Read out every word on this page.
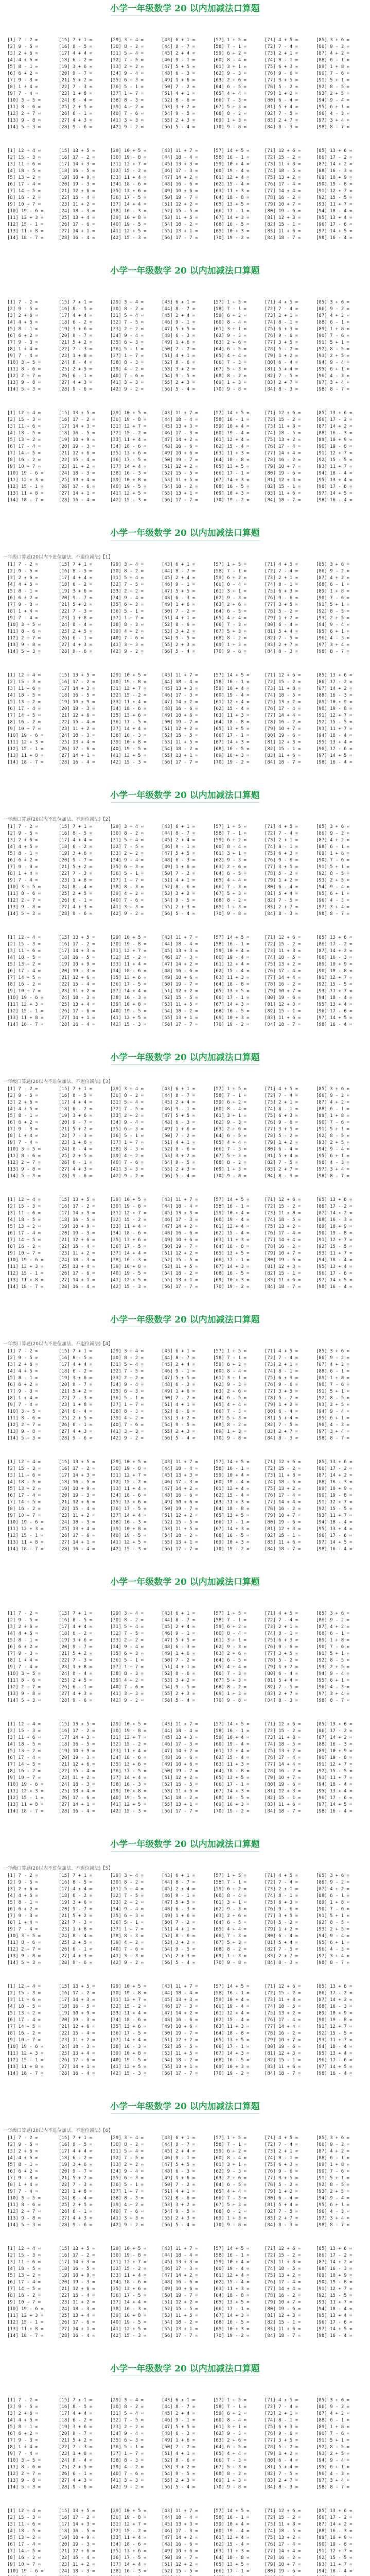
小学一年级数学 20 以内加减法口算题
[1] 7 - 2 =
[2] 9 - 5 =
[3] 2 + 6 =
[4] 4 + 5 =
[5] 8 - 1 =
[6] 6 + 2 =
[7] 9 - 3 =
[8] 1 + 4 =
[9] 7 - 4 =
[10] 3 + 5 =
[11] 8 - 6 =
[12] 2 + 7 =
[13] 9 - 8 =
[14] 5 + 3 =
[15] 7 + 1 =
[16] 8 - 5 =
[17] 4 + 4 =
[18] 6 - 2 =
[19] 3 + 6 =
[20] 9 - 7 =
[21] 5 + 2 =
[22] 7 - 3 =
[23] 1 + 8 =
[24] 8 - 4 =
[25] 2 + 5 =
[26] 6 - 1 =
[27] 4 + 3 =
[28] 9 - 6 =
[29] 3 + 4 =
[30] 8 - 2 =
[31] 5 + 4 =
[32] 7 - 5 =
[33] 2 + 2 =
[34] 9 - 4 =
[35] 6 + 3 =
[36] 5 - 1 =
[37] 1 + 7 =
[38] 8 - 3 =
[39] 4 + 2 =
[40] 7 - 6 =
[41] 3 + 3 =
[42] 9 - 2 =
[43] 6 + 1 =
[44] 8 - 7 =
[45] 2 + 4 =
[46] 9 - 1 =
[47] 5 + 5 =
[48] 6 - 3 =
[49] 1 + 6 =
[50] 7 - 2 =
[51] 4 + 1 =
[52] 8 - 6 =
[53] 3 + 2 =
[54] 9 - 5 =
[55] 2 + 3 =
[56] 5 - 4 =
[57] 1 + 5 =
[58] 7 - 1 =
[59] 6 + 2 =
[60] 8 - 4 =
[61] 3 + 1 =
[62] 9 - 3 =
[63] 2 + 6 =
[64] 6 - 5 =
[65] 4 + 4 =
[66] 7 - 3 =
[67] 5 + 3 =
[68] 8 - 2 =
[69] 1 + 3 =
[70] 9 - 8 =
[71] 4 + 5 =
[72] 7 - 4 =
[73] 2 + 1 =
[74] 8 - 1 =
[75] 6 + 3 =
[76] 9 - 6 =
[77] 3 + 5 =
[78] 5 - 2 =
[79] 1 + 2 =
[80] 6 - 4 =
[81] 5 + 4 =
[82] 7 - 5 =
[83] 2 + 7 =
[84] 8 - 3 =
[85] 3 + 6 =
[86] 9 - 2 =
[87] 4 + 2 =
[88] 6 - 1 =
[89] 1 + 8 =
[90] 7 - 6 =
[91] 5 + 1 =
[92] 8 - 5 =
[93] 2 + 5 =
[94] 9 - 4 =
[95] 6 + 1 =
[96] 4 - 3 =
[97] 3 + 4 =
[98] 8 - 7 =
[1] 12 + 4 =
[2] 15 - 3 =
[3] 11 + 6 =
[4] 18 - 5 =
[5] 13 + 2 =
[6] 17 - 4 =
[7] 14 + 5 =
[8] 16 - 2 =
[9] 10 + 7 =
[10] 19 - 6 =
[11] 12 + 3 =
[12] 15 - 1 =
[13] 11 + 8 =
[14] 18 - 7 =
[15] 13 + 5 =
[16] 17 - 2 =
[17] 14 + 3 =
[18] 16 - 5 =
[19] 10 + 9 =
[20] 19 - 3 =
[21] 12 + 6 =
[22] 15 - 4 =
[23] 11 + 2 =
[24] 18 - 3 =
[25] 13 + 4 =
[26] 17 - 6 =
[27] 14 + 1 =
[28] 16 - 4 =
[29] 10 + 5 =
[30] 19 - 8 =
[31] 12 + 7 =
[32] 15 - 2 =
[33] 11 + 4 =
[34] 18 - 6 =
[35] 13 + 6 =
[36] 17 - 5 =
[37] 14 + 4 =
[38] 16 - 3 =
[39] 10 + 8 =
[40] 19 - 5 =
[41] 12 + 5 =
[42] 15 - 3 =
[43] 11 + 7 =
[44] 18 - 4 =
[45] 13 + 3 =
[46] 17 - 3 =
[47] 14 + 2 =
[48] 16 - 6 =
[49] 10 + 6 =
[50] 19 - 7 =
[51] 12 + 2 =
[52] 15 - 5 =
[53] 11 + 5 =
[54] 18 - 2 =
[55] 13 + 1 =
[56] 17 - 7 =
[57] 14 + 5 =
[58] 16 - 1 =
[59] 10 + 4 =
[60] 19 - 4 =
[61] 12 + 4 =
[62] 15 - 4 =
[63] 11 + 3 =
[64] 18 - 8 =
[65] 13 + 5 =
[66] 17 - 1 =
[67] 14 + 3 =
[68] 16 - 5 =
[69] 10 + 3 =
[70] 19 - 2 =
[71] 12 + 6 =
[72] 15 - 2 =
[73] 11 + 8 =
[74] 18 - 5 =
[75] 13 + 2 =
[76] 17 - 4 =
[77] 14 + 4 =
[78] 16 - 2 =
[79] 10 + 7 =
[80] 19 - 6 =
[81] 12 + 3 =
[82] 15 - 1 =
[83] 11 + 6 =
[84] 18 - 7 =
[85] 13 + 6 =
[86] 17 - 2 =
[87] 14 + 2 =
[88] 16 - 3 =
[89] 10 + 9 =
[90] 19 - 8 =
[91] 12 + 7 =
[92] 15 - 5 =
[93] 11 + 7 =
[94] 18 - 4 =
[95] 13 + 4 =
[96] 17 - 6 =
[97] 14 + 5 =
[98] 16 - 4 =
小学一年级数学 20 以内加减法口算题
[1] 7 - 2 =
[2] 9 - 5 =
[3] 2 + 6 =
[4] 4 + 5 =
[5] 8 - 1 =
[6] 6 + 2 =
[7] 9 - 3 =
[8] 1 + 4 =
[9] 7 - 4 =
[10] 3 + 5 =
[11] 8 - 6 =
[12] 2 + 7 =
[13] 9 - 8 =
[14] 5 + 3 =
[15] 7 + 1 =
[16] 8 - 5 =
[17] 4 + 4 =
[18] 6 - 2 =
[19] 3 + 6 =
[20] 9 - 7 =
[21] 5 + 2 =
[22] 7 - 3 =
[23] 1 + 8 =
[24] 8 - 4 =
[25] 2 + 5 =
[26] 6 - 1 =
[27] 4 + 3 =
[28] 9 - 6 =
[29] 3 + 4 =
[30] 8 - 2 =
[31] 5 + 4 =
[32] 7 - 5 =
[33] 2 + 2 =
[34] 9 - 4 =
[35] 6 + 3 =
[36] 5 - 1 =
[37] 1 + 7 =
[38] 8 - 3 =
[39] 4 + 2 =
[40] 7 - 6 =
[41] 3 + 3 =
[42] 9 - 2 =
[43] 6 + 1 =
[44] 8 - 7 =
[45] 2 + 4 =
[46] 9 - 1 =
[47] 5 + 5 =
[48] 6 - 3 =
[49] 1 + 6 =
[50] 7 - 2 =
[51] 4 + 1 =
[52] 8 - 6 =
[53] 3 + 2 =
[54] 9 - 5 =
[55] 2 + 3 =
[56] 5 - 4 =
[57] 1 + 5 =
[58] 7 - 1 =
[59] 6 + 2 =
[60] 8 - 4 =
[61] 3 + 1 =
[62] 9 - 3 =
[63] 2 + 6 =
[64] 6 - 5 =
[65] 4 + 4 =
[66] 7 - 3 =
[67] 5 + 3 =
[68] 8 - 2 =
[69] 1 + 3 =
[70] 9 - 8 =
[71] 4 + 5 =
[72] 7 - 4 =
[73] 2 + 1 =
[74] 8 - 1 =
[75] 6 + 3 =
[76] 9 - 6 =
[77] 3 + 5 =
[78] 5 - 2 =
[79] 1 + 2 =
[80] 6 - 4 =
[81] 5 + 4 =
[82] 7 - 5 =
[83] 2 + 7 =
[84] 8 - 3 =
[85] 3 + 6 =
[86] 9 - 2 =
[87] 4 + 2 =
[88] 6 - 1 =
[89] 1 + 8 =
[90] 7 - 6 =
[91] 5 + 1 =
[92] 8 - 5 =
[93] 2 + 5 =
[94] 9 - 4 =
[95] 6 + 1 =
[96] 4 - 3 =
[97] 3 + 4 =
[98] 8 - 7 =
[1] 12 + 4 =
[2] 15 - 3 =
[3] 11 + 6 =
[4] 18 - 5 =
[5] 13 + 2 =
[6] 17 - 4 =
[7] 14 + 5 =
[8] 16 - 2 =
[9] 10 + 7 =
[10] 19 - 6 =
[11] 12 + 3 =
[12] 15 - 1 =
[13] 11 + 8 =
[14] 18 - 7 =
[15] 13 + 5 =
[16] 17 - 2 =
[17] 14 + 3 =
[18] 16 - 5 =
[19] 10 + 9 =
[20] 19 - 3 =
[21] 12 + 6 =
[22] 15 - 4 =
[23] 11 + 2 =
[24] 18 - 3 =
[25] 13 + 4 =
[26] 17 - 6 =
[27] 14 + 1 =
[28] 16 - 4 =
[29] 10 + 5 =
[30] 19 - 8 =
[31] 12 + 7 =
[32] 15 - 2 =
[33] 11 + 4 =
[34] 18 - 6 =
[35] 13 + 6 =
[36] 17 - 5 =
[37] 14 + 4 =
[38] 16 - 3 =
[39] 10 + 8 =
[40] 19 - 5 =
[41] 12 + 5 =
[42] 15 - 3 =
[43] 11 + 7 =
[44] 18 - 4 =
[45] 13 + 3 =
[46] 17 - 3 =
[47] 14 + 2 =
[48] 16 - 6 =
[49] 10 + 6 =
[50] 19 - 7 =
[51] 12 + 2 =
[52] 15 - 5 =
[53] 11 + 5 =
[54] 18 - 2 =
[55] 13 + 1 =
[56] 17 - 7 =
[57] 14 + 5 =
[58] 16 - 1 =
[59] 10 + 4 =
[60] 19 - 4 =
[61] 12 + 4 =
[62] 15 - 4 =
[63] 11 + 3 =
[64] 18 - 8 =
[65] 13 + 5 =
[66] 17 - 1 =
[67] 14 + 3 =
[68] 16 - 5 =
[69] 10 + 3 =
[70] 19 - 2 =
[71] 12 + 6 =
[72] 15 - 2 =
[73] 11 + 8 =
[74] 18 - 5 =
[75] 13 + 2 =
[76] 17 - 4 =
[77] 14 + 4 =
[78] 16 - 2 =
[79] 10 + 7 =
[80] 19 - 6 =
[81] 12 + 3 =
[82] 15 - 1 =
[83] 11 + 6 =
[84] 18 - 7 =
[85] 13 + 6 =
[86] 17 - 2 =
[87] 14 + 2 =
[88] 16 - 3 =
[89] 10 + 9 =
[90] 19 - 8 =
[91] 12 + 7 =
[92] 15 - 5 =
[93] 11 + 7 =
[94] 18 - 4 =
[95] 13 + 4 =
[96] 17 - 6 =
[97] 14 + 5 =
[98] 16 - 4 =
小学一年级数学 20 以内加减法口算题
一年级口算题(20以内不进位加法、不退位减法)【1】
[1] 7 - 2 =
[2] 9 - 5 =
[3] 2 + 6 =
[4] 4 + 5 =
[5] 8 - 1 =
[6] 6 + 2 =
[7] 9 - 3 =
[8] 1 + 4 =
[9] 7 - 4 =
[10] 3 + 5 =
[11] 8 - 6 =
[12] 2 + 7 =
[13] 9 - 8 =
[14] 5 + 3 =
[15] 7 + 1 =
[16] 8 - 5 =
[17] 4 + 4 =
[18] 6 - 2 =
[19] 3 + 6 =
[20] 9 - 7 =
[21] 5 + 2 =
[22] 7 - 3 =
[23] 1 + 8 =
[24] 8 - 4 =
[25] 2 + 5 =
[26] 6 - 1 =
[27] 4 + 3 =
[28] 9 - 6 =
[29] 3 + 4 =
[30] 8 - 2 =
[31] 5 + 4 =
[32] 7 - 5 =
[33] 2 + 2 =
[34] 9 - 4 =
[35] 6 + 3 =
[36] 5 - 1 =
[37] 1 + 7 =
[38] 8 - 3 =
[39] 4 + 2 =
[40] 7 - 6 =
[41] 3 + 3 =
[42] 9 - 2 =
[43] 6 + 1 =
[44] 8 - 7 =
[45] 2 + 4 =
[46] 9 - 1 =
[47] 5 + 5 =
[48] 6 - 3 =
[49] 1 + 6 =
[50] 7 - 2 =
[51] 4 + 1 =
[52] 8 - 6 =
[53] 3 + 2 =
[54] 9 - 5 =
[55] 2 + 3 =
[56] 5 - 4 =
[57] 1 + 5 =
[58] 7 - 1 =
[59] 6 + 2 =
[60] 8 - 4 =
[61] 3 + 1 =
[62] 9 - 3 =
[63] 2 + 6 =
[64] 6 - 5 =
[65] 4 + 4 =
[66] 7 - 3 =
[67] 5 + 3 =
[68] 8 - 2 =
[69] 1 + 3 =
[70] 9 - 8 =
[71] 4 + 5 =
[72] 7 - 4 =
[73] 2 + 1 =
[74] 8 - 1 =
[75] 6 + 3 =
[76] 9 - 6 =
[77] 3 + 5 =
[78] 5 - 2 =
[79] 1 + 2 =
[80] 6 - 4 =
[81] 5 + 4 =
[82] 7 - 5 =
[83] 2 + 7 =
[84] 8 - 3 =
[85] 3 + 6 =
[86] 9 - 2 =
[87] 4 + 2 =
[88] 6 - 1 =
[89] 1 + 8 =
[90] 7 - 6 =
[91] 5 + 1 =
[92] 8 - 5 =
[93] 2 + 5 =
[94] 9 - 4 =
[95] 6 + 1 =
[96] 4 - 3 =
[97] 3 + 4 =
[98] 8 - 7 =
[1] 12 + 4 =
[2] 15 - 3 =
[3] 11 + 6 =
[4] 18 - 5 =
[5] 13 + 2 =
[6] 17 - 4 =
[7] 14 + 5 =
[8] 16 - 2 =
[9] 10 + 7 =
[10] 19 - 6 =
[11] 12 + 3 =
[12] 15 - 1 =
[13] 11 + 8 =
[14] 18 - 7 =
[15] 13 + 5 =
[16] 17 - 2 =
[17] 14 + 3 =
[18] 16 - 5 =
[19] 10 + 9 =
[20] 19 - 3 =
[21] 12 + 6 =
[22] 15 - 4 =
[23] 11 + 2 =
[24] 18 - 3 =
[25] 13 + 4 =
[26] 17 - 6 =
[27] 14 + 1 =
[28] 16 - 4 =
[29] 10 + 5 =
[30] 19 - 8 =
[31] 12 + 7 =
[32] 15 - 2 =
[33] 11 + 4 =
[34] 18 - 6 =
[35] 13 + 6 =
[36] 17 - 5 =
[37] 14 + 4 =
[38] 16 - 3 =
[39] 10 + 8 =
[40] 19 - 5 =
[41] 12 + 5 =
[42] 15 - 3 =
[43] 11 + 7 =
[44] 18 - 4 =
[45] 13 + 3 =
[46] 17 - 3 =
[47] 14 + 2 =
[48] 16 - 6 =
[49] 10 + 6 =
[50] 19 - 7 =
[51] 12 + 2 =
[52] 15 - 5 =
[53] 11 + 5 =
[54] 18 - 2 =
[55] 13 + 1 =
[56] 17 - 7 =
[57] 14 + 5 =
[58] 16 - 1 =
[59] 10 + 4 =
[60] 19 - 4 =
[61] 12 + 4 =
[62] 15 - 4 =
[63] 11 + 3 =
[64] 18 - 8 =
[65] 13 + 5 =
[66] 17 - 1 =
[67] 14 + 3 =
[68] 16 - 5 =
[69] 10 + 3 =
[70] 19 - 2 =
[71] 12 + 6 =
[72] 15 - 2 =
[73] 11 + 8 =
[74] 18 - 5 =
[75] 13 + 2 =
[76] 17 - 4 =
[77] 14 + 4 =
[78] 16 - 2 =
[79] 10 + 7 =
[80] 19 - 6 =
[81] 12 + 3 =
[82] 15 - 1 =
[83] 11 + 6 =
[84] 18 - 7 =
[85] 13 + 6 =
[86] 17 - 2 =
[87] 14 + 2 =
[88] 16 - 3 =
[89] 10 + 9 =
[90] 19 - 8 =
[91] 12 + 7 =
[92] 15 - 5 =
[93] 11 + 7 =
[94] 18 - 4 =
[95] 13 + 4 =
[96] 17 - 6 =
[97] 14 + 5 =
[98] 16 - 4 =
小学一年级数学 20 以内加减法口算题
一年级口算题(20以内不进位加法、不退位减法)【2】
[1] 7 - 2 =
[2] 9 - 5 =
[3] 2 + 6 =
[4] 4 + 5 =
[5] 8 - 1 =
[6] 6 + 2 =
[7] 9 - 3 =
[8] 1 + 4 =
[9] 7 - 4 =
[10] 3 + 5 =
[11] 8 - 6 =
[12] 2 + 7 =
[13] 9 - 8 =
[14] 5 + 3 =
[15] 7 + 1 =
[16] 8 - 5 =
[17] 4 + 4 =
[18] 6 - 2 =
[19] 3 + 6 =
[20] 9 - 7 =
[21] 5 + 2 =
[22] 7 - 3 =
[23] 1 + 8 =
[24] 8 - 4 =
[25] 2 + 5 =
[26] 6 - 1 =
[27] 4 + 3 =
[28] 9 - 6 =
[29] 3 + 4 =
[30] 8 - 2 =
[31] 5 + 4 =
[32] 7 - 5 =
[33] 2 + 2 =
[34] 9 - 4 =
[35] 6 + 3 =
[36] 5 - 1 =
[37] 1 + 7 =
[38] 8 - 3 =
[39] 4 + 2 =
[40] 7 - 6 =
[41] 3 + 3 =
[42] 9 - 2 =
[43] 6 + 1 =
[44] 8 - 7 =
[45] 2 + 4 =
[46] 9 - 1 =
[47] 5 + 5 =
[48] 6 - 3 =
[49] 1 + 6 =
[50] 7 - 2 =
[51] 4 + 1 =
[52] 8 - 6 =
[53] 3 + 2 =
[54] 9 - 5 =
[55] 2 + 3 =
[56] 5 - 4 =
[57] 1 + 5 =
[58] 7 - 1 =
[59] 6 + 2 =
[60] 8 - 4 =
[61] 3 + 1 =
[62] 9 - 3 =
[63] 2 + 6 =
[64] 6 - 5 =
[65] 4 + 4 =
[66] 7 - 3 =
[67] 5 + 3 =
[68] 8 - 2 =
[69] 1 + 3 =
[70] 9 - 8 =
[71] 4 + 5 =
[72] 7 - 4 =
[73] 2 + 1 =
[74] 8 - 1 =
[75] 6 + 3 =
[76] 9 - 6 =
[77] 3 + 5 =
[78] 5 - 2 =
[79] 1 + 2 =
[80] 6 - 4 =
[81] 5 + 4 =
[82] 7 - 5 =
[83] 2 + 7 =
[84] 8 - 3 =
[85] 3 + 6 =
[86] 9 - 2 =
[87] 4 + 2 =
[88] 6 - 1 =
[89] 1 + 8 =
[90] 7 - 6 =
[91] 5 + 1 =
[92] 8 - 5 =
[93] 2 + 5 =
[94] 9 - 4 =
[95] 6 + 1 =
[96] 4 - 3 =
[97] 3 + 4 =
[98] 8 - 7 =
[1] 12 + 4 =
[2] 15 - 3 =
[3] 11 + 6 =
[4] 18 - 5 =
[5] 13 + 2 =
[6] 17 - 4 =
[7] 14 + 5 =
[8] 16 - 2 =
[9] 10 + 7 =
[10] 19 - 6 =
[11] 12 + 3 =
[12] 15 - 1 =
[13] 11 + 8 =
[14] 18 - 7 =
[15] 13 + 5 =
[16] 17 - 2 =
[17] 14 + 3 =
[18] 16 - 5 =
[19] 10 + 9 =
[20] 19 - 3 =
[21] 12 + 6 =
[22] 15 - 4 =
[23] 11 + 2 =
[24] 18 - 3 =
[25] 13 + 4 =
[26] 17 - 6 =
[27] 14 + 1 =
[28] 16 - 4 =
[29] 10 + 5 =
[30] 19 - 8 =
[31] 12 + 7 =
[32] 15 - 2 =
[33] 11 + 4 =
[34] 18 - 6 =
[35] 13 + 6 =
[36] 17 - 5 =
[37] 14 + 4 =
[38] 16 - 3 =
[39] 10 + 8 =
[40] 19 - 5 =
[41] 12 + 5 =
[42] 15 - 3 =
[43] 11 + 7 =
[44] 18 - 4 =
[45] 13 + 3 =
[46] 17 - 3 =
[47] 14 + 2 =
[48] 16 - 6 =
[49] 10 + 6 =
[50] 19 - 7 =
[51] 12 + 2 =
[52] 15 - 5 =
[53] 11 + 5 =
[54] 18 - 2 =
[55] 13 + 1 =
[56] 17 - 7 =
[57] 14 + 5 =
[58] 16 - 1 =
[59] 10 + 4 =
[60] 19 - 4 =
[61] 12 + 4 =
[62] 15 - 4 =
[63] 11 + 3 =
[64] 18 - 8 =
[65] 13 + 5 =
[66] 17 - 1 =
[67] 14 + 3 =
[68] 16 - 5 =
[69] 10 + 3 =
[70] 19 - 2 =
[71] 12 + 6 =
[72] 15 - 2 =
[73] 11 + 8 =
[74] 18 - 5 =
[75] 13 + 2 =
[76] 17 - 4 =
[77] 14 + 4 =
[78] 16 - 2 =
[79] 10 + 7 =
[80] 19 - 6 =
[81] 12 + 3 =
[82] 15 - 1 =
[83] 11 + 6 =
[84] 18 - 7 =
[85] 13 + 6 =
[86] 17 - 2 =
[87] 14 + 2 =
[88] 16 - 3 =
[89] 10 + 9 =
[90] 19 - 8 =
[91] 12 + 7 =
[92] 15 - 5 =
[93] 11 + 7 =
[94] 18 - 4 =
[95] 13 + 4 =
[96] 17 - 6 =
[97] 14 + 5 =
[98] 16 - 4 =
小学一年级数学 20 以内加减法口算题
一年级口算题(20以内不进位加法、不退位减法)【3】
[1] 7 - 2 =
[2] 9 - 5 =
[3] 2 + 6 =
[4] 4 + 5 =
[5] 8 - 1 =
[6] 6 + 2 =
[7] 9 - 3 =
[8] 1 + 4 =
[9] 7 - 4 =
[10] 3 + 5 =
[11] 8 - 6 =
[12] 2 + 7 =
[13] 9 - 8 =
[14] 5 + 3 =
[15] 7 + 1 =
[16] 8 - 5 =
[17] 4 + 4 =
[18] 6 - 2 =
[19] 3 + 6 =
[20] 9 - 7 =
[21] 5 + 2 =
[22] 7 - 3 =
[23] 1 + 8 =
[24] 8 - 4 =
[25] 2 + 5 =
[26] 6 - 1 =
[27] 4 + 3 =
[28] 9 - 6 =
[29] 3 + 4 =
[30] 8 - 2 =
[31] 5 + 4 =
[32] 7 - 5 =
[33] 2 + 2 =
[34] 9 - 4 =
[35] 6 + 3 =
[36] 5 - 1 =
[37] 1 + 7 =
[38] 8 - 3 =
[39] 4 + 2 =
[40] 7 - 6 =
[41] 3 + 3 =
[42] 9 - 2 =
[43] 6 + 1 =
[44] 8 - 7 =
[45] 2 + 4 =
[46] 9 - 1 =
[47] 5 + 5 =
[48] 6 - 3 =
[49] 1 + 6 =
[50] 7 - 2 =
[51] 4 + 1 =
[52] 8 - 6 =
[53] 3 + 2 =
[54] 9 - 5 =
[55] 2 + 3 =
[56] 5 - 4 =
[57] 1 + 5 =
[58] 7 - 1 =
[59] 6 + 2 =
[60] 8 - 4 =
[61] 3 + 1 =
[62] 9 - 3 =
[63] 2 + 6 =
[64] 6 - 5 =
[65] 4 + 4 =
[66] 7 - 3 =
[67] 5 + 3 =
[68] 8 - 2 =
[69] 1 + 3 =
[70] 9 - 8 =
[71] 4 + 5 =
[72] 7 - 4 =
[73] 2 + 1 =
[74] 8 - 1 =
[75] 6 + 3 =
[76] 9 - 6 =
[77] 3 + 5 =
[78] 5 - 2 =
[79] 1 + 2 =
[80] 6 - 4 =
[81] 5 + 4 =
[82] 7 - 5 =
[83] 2 + 7 =
[84] 8 - 3 =
[85] 3 + 6 =
[86] 9 - 2 =
[87] 4 + 2 =
[88] 6 - 1 =
[89] 1 + 8 =
[90] 7 - 6 =
[91] 5 + 1 =
[92] 8 - 5 =
[93] 2 + 5 =
[94] 9 - 4 =
[95] 6 + 1 =
[96] 4 - 3 =
[97] 3 + 4 =
[98] 8 - 7 =
[1] 12 + 4 =
[2] 15 - 3 =
[3] 11 + 6 =
[4] 18 - 5 =
[5] 13 + 2 =
[6] 17 - 4 =
[7] 14 + 5 =
[8] 16 - 2 =
[9] 10 + 7 =
[10] 19 - 6 =
[11] 12 + 3 =
[12] 15 - 1 =
[13] 11 + 8 =
[14] 18 - 7 =
[15] 13 + 5 =
[16] 17 - 2 =
[17] 14 + 3 =
[18] 16 - 5 =
[19] 10 + 9 =
[20] 19 - 3 =
[21] 12 + 6 =
[22] 15 - 4 =
[23] 11 + 2 =
[24] 18 - 3 =
[25] 13 + 4 =
[26] 17 - 6 =
[27] 14 + 1 =
[28] 16 - 4 =
[29] 10 + 5 =
[30] 19 - 8 =
[31] 12 + 7 =
[32] 15 - 2 =
[33] 11 + 4 =
[34] 18 - 6 =
[35] 13 + 6 =
[36] 17 - 5 =
[37] 14 + 4 =
[38] 16 - 3 =
[39] 10 + 8 =
[40] 19 - 5 =
[41] 12 + 5 =
[42] 15 - 3 =
[43] 11 + 7 =
[44] 18 - 4 =
[45] 13 + 3 =
[46] 17 - 3 =
[47] 14 + 2 =
[48] 16 - 6 =
[49] 10 + 6 =
[50] 19 - 7 =
[51] 12 + 2 =
[52] 15 - 5 =
[53] 11 + 5 =
[54] 18 - 2 =
[55] 13 + 1 =
[56] 17 - 7 =
[57] 14 + 5 =
[58] 16 - 1 =
[59] 10 + 4 =
[60] 19 - 4 =
[61] 12 + 4 =
[62] 15 - 4 =
[63] 11 + 3 =
[64] 18 - 8 =
[65] 13 + 5 =
[66] 17 - 1 =
[67] 14 + 3 =
[68] 16 - 5 =
[69] 10 + 3 =
[70] 19 - 2 =
[71] 12 + 6 =
[72] 15 - 2 =
[73] 11 + 8 =
[74] 18 - 5 =
[75] 13 + 2 =
[76] 17 - 4 =
[77] 14 + 4 =
[78] 16 - 2 =
[79] 10 + 7 =
[80] 19 - 6 =
[81] 12 + 3 =
[82] 15 - 1 =
[83] 11 + 6 =
[84] 18 - 7 =
[85] 13 + 6 =
[86] 17 - 2 =
[87] 14 + 2 =
[88] 16 - 3 =
[89] 10 + 9 =
[90] 19 - 8 =
[91] 12 + 7 =
[92] 15 - 5 =
[93] 11 + 7 =
[94] 18 - 4 =
[95] 13 + 4 =
[96] 17 - 6 =
[97] 14 + 5 =
[98] 16 - 4 =
小学一年级数学 20 以内加减法口算题
一年级口算题(20以内不进位加法、不退位减法)【4】
[1] 7 - 2 =
[2] 9 - 5 =
[3] 2 + 6 =
[4] 4 + 5 =
[5] 8 - 1 =
[6] 6 + 2 =
[7] 9 - 3 =
[8] 1 + 4 =
[9] 7 - 4 =
[10] 3 + 5 =
[11] 8 - 6 =
[12] 2 + 7 =
[13] 9 - 8 =
[14] 5 + 3 =
[15] 7 + 1 =
[16] 8 - 5 =
[17] 4 + 4 =
[18] 6 - 2 =
[19] 3 + 6 =
[20] 9 - 7 =
[21] 5 + 2 =
[22] 7 - 3 =
[23] 1 + 8 =
[24] 8 - 4 =
[25] 2 + 5 =
[26] 6 - 1 =
[27] 4 + 3 =
[28] 9 - 6 =
[29] 3 + 4 =
[30] 8 - 2 =
[31] 5 + 4 =
[32] 7 - 5 =
[33] 2 + 2 =
[34] 9 - 4 =
[35] 6 + 3 =
[36] 5 - 1 =
[37] 1 + 7 =
[38] 8 - 3 =
[39] 4 + 2 =
[40] 7 - 6 =
[41] 3 + 3 =
[42] 9 - 2 =
[43] 6 + 1 =
[44] 8 - 7 =
[45] 2 + 4 =
[46] 9 - 1 =
[47] 5 + 5 =
[48] 6 - 3 =
[49] 1 + 6 =
[50] 7 - 2 =
[51] 4 + 1 =
[52] 8 - 6 =
[53] 3 + 2 =
[54] 9 - 5 =
[55] 2 + 3 =
[56] 5 - 4 =
[57] 1 + 5 =
[58] 7 - 1 =
[59] 6 + 2 =
[60] 8 - 4 =
[61] 3 + 1 =
[62] 9 - 3 =
[63] 2 + 6 =
[64] 6 - 5 =
[65] 4 + 4 =
[66] 7 - 3 =
[67] 5 + 3 =
[68] 8 - 2 =
[69] 1 + 3 =
[70] 9 - 8 =
[71] 4 + 5 =
[72] 7 - 4 =
[73] 2 + 1 =
[74] 8 - 1 =
[75] 6 + 3 =
[76] 9 - 6 =
[77] 3 + 5 =
[78] 5 - 2 =
[79] 1 + 2 =
[80] 6 - 4 =
[81] 5 + 4 =
[82] 7 - 5 =
[83] 2 + 7 =
[84] 8 - 3 =
[85] 3 + 6 =
[86] 9 - 2 =
[87] 4 + 2 =
[88] 6 - 1 =
[89] 1 + 8 =
[90] 7 - 6 =
[91] 5 + 1 =
[92] 8 - 5 =
[93] 2 + 5 =
[94] 9 - 4 =
[95] 6 + 1 =
[96] 4 - 3 =
[97] 3 + 4 =
[98] 8 - 7 =
[1] 12 + 4 =
[2] 15 - 3 =
[3] 11 + 6 =
[4] 18 - 5 =
[5] 13 + 2 =
[6] 17 - 4 =
[7] 14 + 5 =
[8] 16 - 2 =
[9] 10 + 7 =
[10] 19 - 6 =
[11] 12 + 3 =
[12] 15 - 1 =
[13] 11 + 8 =
[14] 18 - 7 =
[15] 13 + 5 =
[16] 17 - 2 =
[17] 14 + 3 =
[18] 16 - 5 =
[19] 10 + 9 =
[20] 19 - 3 =
[21] 12 + 6 =
[22] 15 - 4 =
[23] 11 + 2 =
[24] 18 - 3 =
[25] 13 + 4 =
[26] 17 - 6 =
[27] 14 + 1 =
[28] 16 - 4 =
[29] 10 + 5 =
[30] 19 - 8 =
[31] 12 + 7 =
[32] 15 - 2 =
[33] 11 + 4 =
[34] 18 - 6 =
[35] 13 + 6 =
[36] 17 - 5 =
[37] 14 + 4 =
[38] 16 - 3 =
[39] 10 + 8 =
[40] 19 - 5 =
[41] 12 + 5 =
[42] 15 - 3 =
[43] 11 + 7 =
[44] 18 - 4 =
[45] 13 + 3 =
[46] 17 - 3 =
[47] 14 + 2 =
[48] 16 - 6 =
[49] 10 + 6 =
[50] 19 - 7 =
[51] 12 + 2 =
[52] 15 - 5 =
[53] 11 + 5 =
[54] 18 - 2 =
[55] 13 + 1 =
[56] 17 - 7 =
[57] 14 + 5 =
[58] 16 - 1 =
[59] 10 + 4 =
[60] 19 - 4 =
[61] 12 + 4 =
[62] 15 - 4 =
[63] 11 + 3 =
[64] 18 - 8 =
[65] 13 + 5 =
[66] 17 - 1 =
[67] 14 + 3 =
[68] 16 - 5 =
[69] 10 + 3 =
[70] 19 - 2 =
[71] 12 + 6 =
[72] 15 - 2 =
[73] 11 + 8 =
[74] 18 - 5 =
[75] 13 + 2 =
[76] 17 - 4 =
[77] 14 + 4 =
[78] 16 - 2 =
[79] 10 + 7 =
[80] 19 - 6 =
[81] 12 + 3 =
[82] 15 - 1 =
[83] 11 + 6 =
[84] 18 - 7 =
[85] 13 + 6 =
[86] 17 - 2 =
[87] 14 + 2 =
[88] 16 - 3 =
[89] 10 + 9 =
[90] 19 - 8 =
[91] 12 + 7 =
[92] 15 - 5 =
[93] 11 + 7 =
[94] 18 - 4 =
[95] 13 + 4 =
[96] 17 - 6 =
[97] 14 + 5 =
[98] 16 - 4 =
小学一年级数学 20 以内加减法口算题
[1] 7 - 2 =
[2] 9 - 5 =
[3] 2 + 6 =
[4] 4 + 5 =
[5] 8 - 1 =
[6] 6 + 2 =
[7] 9 - 3 =
[8] 1 + 4 =
[9] 7 - 4 =
[10] 3 + 5 =
[11] 8 - 6 =
[12] 2 + 7 =
[13] 9 - 8 =
[14] 5 + 3 =
[15] 7 + 1 =
[16] 8 - 5 =
[17] 4 + 4 =
[18] 6 - 2 =
[19] 3 + 6 =
[20] 9 - 7 =
[21] 5 + 2 =
[22] 7 - 3 =
[23] 1 + 8 =
[24] 8 - 4 =
[25] 2 + 5 =
[26] 6 - 1 =
[27] 4 + 3 =
[28] 9 - 6 =
[29] 3 + 4 =
[30] 8 - 2 =
[31] 5 + 4 =
[32] 7 - 5 =
[33] 2 + 2 =
[34] 9 - 4 =
[35] 6 + 3 =
[36] 5 - 1 =
[37] 1 + 7 =
[38] 8 - 3 =
[39] 4 + 2 =
[40] 7 - 6 =
[41] 3 + 3 =
[42] 9 - 2 =
[43] 6 + 1 =
[44] 8 - 7 =
[45] 2 + 4 =
[46] 9 - 1 =
[47] 5 + 5 =
[48] 6 - 3 =
[49] 1 + 6 =
[50] 7 - 2 =
[51] 4 + 1 =
[52] 8 - 6 =
[53] 3 + 2 =
[54] 9 - 5 =
[55] 2 + 3 =
[56] 5 - 4 =
[57] 1 + 5 =
[58] 7 - 1 =
[59] 6 + 2 =
[60] 8 - 4 =
[61] 3 + 1 =
[62] 9 - 3 =
[63] 2 + 6 =
[64] 6 - 5 =
[65] 4 + 4 =
[66] 7 - 3 =
[67] 5 + 3 =
[68] 8 - 2 =
[69] 1 + 3 =
[70] 9 - 8 =
[71] 4 + 5 =
[72] 7 - 4 =
[73] 2 + 1 =
[74] 8 - 1 =
[75] 6 + 3 =
[76] 9 - 6 =
[77] 3 + 5 =
[78] 5 - 2 =
[79] 1 + 2 =
[80] 6 - 4 =
[81] 5 + 4 =
[82] 7 - 5 =
[83] 2 + 7 =
[84] 8 - 3 =
[85] 3 + 6 =
[86] 9 - 2 =
[87] 4 + 2 =
[88] 6 - 1 =
[89] 1 + 8 =
[90] 7 - 6 =
[91] 5 + 1 =
[92] 8 - 5 =
[93] 2 + 5 =
[94] 9 - 4 =
[95] 6 + 1 =
[96] 4 - 3 =
[97] 3 + 4 =
[98] 8 - 7 =
[1] 12 + 4 =
[2] 15 - 3 =
[3] 11 + 6 =
[4] 18 - 5 =
[5] 13 + 2 =
[6] 17 - 4 =
[7] 14 + 5 =
[8] 16 - 2 =
[9] 10 + 7 =
[10] 19 - 6 =
[11] 12 + 3 =
[12] 15 - 1 =
[13] 11 + 8 =
[14] 18 - 7 =
[15] 13 + 5 =
[16] 17 - 2 =
[17] 14 + 3 =
[18] 16 - 5 =
[19] 10 + 9 =
[20] 19 - 3 =
[21] 12 + 6 =
[22] 15 - 4 =
[23] 11 + 2 =
[24] 18 - 3 =
[25] 13 + 4 =
[26] 17 - 6 =
[27] 14 + 1 =
[28] 16 - 4 =
[29] 10 + 5 =
[30] 19 - 8 =
[31] 12 + 7 =
[32] 15 - 2 =
[33] 11 + 4 =
[34] 18 - 6 =
[35] 13 + 6 =
[36] 17 - 5 =
[37] 14 + 4 =
[38] 16 - 3 =
[39] 10 + 8 =
[40] 19 - 5 =
[41] 12 + 5 =
[42] 15 - 3 =
[43] 11 + 7 =
[44] 18 - 4 =
[45] 13 + 3 =
[46] 17 - 3 =
[47] 14 + 2 =
[48] 16 - 6 =
[49] 10 + 6 =
[50] 19 - 7 =
[51] 12 + 2 =
[52] 15 - 5 =
[53] 11 + 5 =
[54] 18 - 2 =
[55] 13 + 1 =
[56] 17 - 7 =
[57] 14 + 5 =
[58] 16 - 1 =
[59] 10 + 4 =
[60] 19 - 4 =
[61] 12 + 4 =
[62] 15 - 4 =
[63] 11 + 3 =
[64] 18 - 8 =
[65] 13 + 5 =
[66] 17 - 1 =
[67] 14 + 3 =
[68] 16 - 5 =
[69] 10 + 3 =
[70] 19 - 2 =
[71] 12 + 6 =
[72] 15 - 2 =
[73] 11 + 8 =
[74] 18 - 5 =
[75] 13 + 2 =
[76] 17 - 4 =
[77] 14 + 4 =
[78] 16 - 2 =
[79] 10 + 7 =
[80] 19 - 6 =
[81] 12 + 3 =
[82] 15 - 1 =
[83] 11 + 6 =
[84] 18 - 7 =
[85] 13 + 6 =
[86] 17 - 2 =
[87] 14 + 2 =
[88] 16 - 3 =
[89] 10 + 9 =
[90] 19 - 8 =
[91] 12 + 7 =
[92] 15 - 5 =
[93] 11 + 7 =
[94] 18 - 4 =
[95] 13 + 4 =
[96] 17 - 6 =
[97] 14 + 5 =
[98] 16 - 4 =
小学一年级数学 20 以内加减法口算题
一年级口算题(20以内不进位加法、不退位减法)【5】
[1] 7 - 2 =
[2] 9 - 5 =
[3] 2 + 6 =
[4] 4 + 5 =
[5] 8 - 1 =
[6] 6 + 2 =
[7] 9 - 3 =
[8] 1 + 4 =
[9] 7 - 4 =
[10] 3 + 5 =
[11] 8 - 6 =
[12] 2 + 7 =
[13] 9 - 8 =
[14] 5 + 3 =
[15] 7 + 1 =
[16] 8 - 5 =
[17] 4 + 4 =
[18] 6 - 2 =
[19] 3 + 6 =
[20] 9 - 7 =
[21] 5 + 2 =
[22] 7 - 3 =
[23] 1 + 8 =
[24] 8 - 4 =
[25] 2 + 5 =
[26] 6 - 1 =
[27] 4 + 3 =
[28] 9 - 6 =
[29] 3 + 4 =
[30] 8 - 2 =
[31] 5 + 4 =
[32] 7 - 5 =
[33] 2 + 2 =
[34] 9 - 4 =
[35] 6 + 3 =
[36] 5 - 1 =
[37] 1 + 7 =
[38] 8 - 3 =
[39] 4 + 2 =
[40] 7 - 6 =
[41] 3 + 3 =
[42] 9 - 2 =
[43] 6 + 1 =
[44] 8 - 7 =
[45] 2 + 4 =
[46] 9 - 1 =
[47] 5 + 5 =
[48] 6 - 3 =
[49] 1 + 6 =
[50] 7 - 2 =
[51] 4 + 1 =
[52] 8 - 6 =
[53] 3 + 2 =
[54] 9 - 5 =
[55] 2 + 3 =
[56] 5 - 4 =
[57] 1 + 5 =
[58] 7 - 1 =
[59] 6 + 2 =
[60] 8 - 4 =
[61] 3 + 1 =
[62] 9 - 3 =
[63] 2 + 6 =
[64] 6 - 5 =
[65] 4 + 4 =
[66] 7 - 3 =
[67] 5 + 3 =
[68] 8 - 2 =
[69] 1 + 3 =
[70] 9 - 8 =
[71] 4 + 5 =
[72] 7 - 4 =
[73] 2 + 1 =
[74] 8 - 1 =
[75] 6 + 3 =
[76] 9 - 6 =
[77] 3 + 5 =
[78] 5 - 2 =
[79] 1 + 2 =
[80] 6 - 4 =
[81] 5 + 4 =
[82] 7 - 5 =
[83] 2 + 7 =
[84] 8 - 3 =
[85] 3 + 6 =
[86] 9 - 2 =
[87] 4 + 2 =
[88] 6 - 1 =
[89] 1 + 8 =
[90] 7 - 6 =
[91] 5 + 1 =
[92] 8 - 5 =
[93] 2 + 5 =
[94] 9 - 4 =
[95] 6 + 1 =
[96] 4 - 3 =
[97] 3 + 4 =
[98] 8 - 7 =
[1] 12 + 4 =
[2] 15 - 3 =
[3] 11 + 6 =
[4] 18 - 5 =
[5] 13 + 2 =
[6] 17 - 4 =
[7] 14 + 5 =
[8] 16 - 2 =
[9] 10 + 7 =
[10] 19 - 6 =
[11] 12 + 3 =
[12] 15 - 1 =
[13] 11 + 8 =
[14] 18 - 7 =
[15] 13 + 5 =
[16] 17 - 2 =
[17] 14 + 3 =
[18] 16 - 5 =
[19] 10 + 9 =
[20] 19 - 3 =
[21] 12 + 6 =
[22] 15 - 4 =
[23] 11 + 2 =
[24] 18 - 3 =
[25] 13 + 4 =
[26] 17 - 6 =
[27] 14 + 1 =
[28] 16 - 4 =
[29] 10 + 5 =
[30] 19 - 8 =
[31] 12 + 7 =
[32] 15 - 2 =
[33] 11 + 4 =
[34] 18 - 6 =
[35] 13 + 6 =
[36] 17 - 5 =
[37] 14 + 4 =
[38] 16 - 3 =
[39] 10 + 8 =
[40] 19 - 5 =
[41] 12 + 5 =
[42] 15 - 3 =
[43] 11 + 7 =
[44] 18 - 4 =
[45] 13 + 3 =
[46] 17 - 3 =
[47] 14 + 2 =
[48] 16 - 6 =
[49] 10 + 6 =
[50] 19 - 7 =
[51] 12 + 2 =
[52] 15 - 5 =
[53] 11 + 5 =
[54] 18 - 2 =
[55] 13 + 1 =
[56] 17 - 7 =
[57] 14 + 5 =
[58] 16 - 1 =
[59] 10 + 4 =
[60] 19 - 4 =
[61] 12 + 4 =
[62] 15 - 4 =
[63] 11 + 3 =
[64] 18 - 8 =
[65] 13 + 5 =
[66] 17 - 1 =
[67] 14 + 3 =
[68] 16 - 5 =
[69] 10 + 3 =
[70] 19 - 2 =
[71] 12 + 6 =
[72] 15 - 2 =
[73] 11 + 8 =
[74] 18 - 5 =
[75] 13 + 2 =
[76] 17 - 4 =
[77] 14 + 4 =
[78] 16 - 2 =
[79] 10 + 7 =
[80] 19 - 6 =
[81] 12 + 3 =
[82] 15 - 1 =
[83] 11 + 6 =
[84] 18 - 7 =
[85] 13 + 6 =
[86] 17 - 2 =
[87] 14 + 2 =
[88] 16 - 3 =
[89] 10 + 9 =
[90] 19 - 8 =
[91] 12 + 7 =
[92] 15 - 5 =
[93] 11 + 7 =
[94] 18 - 4 =
[95] 13 + 4 =
[96] 17 - 6 =
[97] 14 + 5 =
[98] 16 - 4 =
小学一年级数学 20 以内加减法口算题
一年级口算题(20以内不进位加法、不退位减法)【6】
[1] 7 - 2 =
[2] 9 - 5 =
[3] 2 + 6 =
[4] 4 + 5 =
[5] 8 - 1 =
[6] 6 + 2 =
[7] 9 - 3 =
[8] 1 + 4 =
[9] 7 - 4 =
[10] 3 + 5 =
[11] 8 - 6 =
[12] 2 + 7 =
[13] 9 - 8 =
[14] 5 + 3 =
[15] 7 + 1 =
[16] 8 - 5 =
[17] 4 + 4 =
[18] 6 - 2 =
[19] 3 + 6 =
[20] 9 - 7 =
[21] 5 + 2 =
[22] 7 - 3 =
[23] 1 + 8 =
[24] 8 - 4 =
[25] 2 + 5 =
[26] 6 - 1 =
[27] 4 + 3 =
[28] 9 - 6 =
[29] 3 + 4 =
[30] 8 - 2 =
[31] 5 + 4 =
[32] 7 - 5 =
[33] 2 + 2 =
[34] 9 - 4 =
[35] 6 + 3 =
[36] 5 - 1 =
[37] 1 + 7 =
[38] 8 - 3 =
[39] 4 + 2 =
[40] 7 - 6 =
[41] 3 + 3 =
[42] 9 - 2 =
[43] 6 + 1 =
[44] 8 - 7 =
[45] 2 + 4 =
[46] 9 - 1 =
[47] 5 + 5 =
[48] 6 - 3 =
[49] 1 + 6 =
[50] 7 - 2 =
[51] 4 + 1 =
[52] 8 - 6 =
[53] 3 + 2 =
[54] 9 - 5 =
[55] 2 + 3 =
[56] 5 - 4 =
[57] 1 + 5 =
[58] 7 - 1 =
[59] 6 + 2 =
[60] 8 - 4 =
[61] 3 + 1 =
[62] 9 - 3 =
[63] 2 + 6 =
[64] 6 - 5 =
[65] 4 + 4 =
[66] 7 - 3 =
[67] 5 + 3 =
[68] 8 - 2 =
[69] 1 + 3 =
[70] 9 - 8 =
[71] 4 + 5 =
[72] 7 - 4 =
[73] 2 + 1 =
[74] 8 - 1 =
[75] 6 + 3 =
[76] 9 - 6 =
[77] 3 + 5 =
[78] 5 - 2 =
[79] 1 + 2 =
[80] 6 - 4 =
[81] 5 + 4 =
[82] 7 - 5 =
[83] 2 + 7 =
[84] 8 - 3 =
[85] 3 + 6 =
[86] 9 - 2 =
[87] 4 + 2 =
[88] 6 - 1 =
[89] 1 + 8 =
[90] 7 - 6 =
[91] 5 + 1 =
[92] 8 - 5 =
[93] 2 + 5 =
[94] 9 - 4 =
[95] 6 + 1 =
[96] 4 - 3 =
[97] 3 + 4 =
[98] 8 - 7 =
[1] 12 + 4 =
[2] 15 - 3 =
[3] 11 + 6 =
[4] 18 - 5 =
[5] 13 + 2 =
[6] 17 - 4 =
[7] 14 + 5 =
[8] 16 - 2 =
[9] 10 + 7 =
[10] 19 - 6 =
[11] 12 + 3 =
[12] 15 - 1 =
[13] 11 + 8 =
[14] 18 - 7 =
[15] 13 + 5 =
[16] 17 - 2 =
[17] 14 + 3 =
[18] 16 - 5 =
[19] 10 + 9 =
[20] 19 - 3 =
[21] 12 + 6 =
[22] 15 - 4 =
[23] 11 + 2 =
[24] 18 - 3 =
[25] 13 + 4 =
[26] 17 - 6 =
[27] 14 + 1 =
[28] 16 - 4 =
[29] 10 + 5 =
[30] 19 - 8 =
[31] 12 + 7 =
[32] 15 - 2 =
[33] 11 + 4 =
[34] 18 - 6 =
[35] 13 + 6 =
[36] 17 - 5 =
[37] 14 + 4 =
[38] 16 - 3 =
[39] 10 + 8 =
[40] 19 - 5 =
[41] 12 + 5 =
[42] 15 - 3 =
[43] 11 + 7 =
[44] 18 - 4 =
[45] 13 + 3 =
[46] 17 - 3 =
[47] 14 + 2 =
[48] 16 - 6 =
[49] 10 + 6 =
[50] 19 - 7 =
[51] 12 + 2 =
[52] 15 - 5 =
[53] 11 + 5 =
[54] 18 - 2 =
[55] 13 + 1 =
[56] 17 - 7 =
[57] 14 + 5 =
[58] 16 - 1 =
[59] 10 + 4 =
[60] 19 - 4 =
[61] 12 + 4 =
[62] 15 - 4 =
[63] 11 + 3 =
[64] 18 - 8 =
[65] 13 + 5 =
[66] 17 - 1 =
[67] 14 + 3 =
[68] 16 - 5 =
[69] 10 + 3 =
[70] 19 - 2 =
[71] 12 + 6 =
[72] 15 - 2 =
[73] 11 + 8 =
[74] 18 - 5 =
[75] 13 + 2 =
[76] 17 - 4 =
[77] 14 + 4 =
[78] 16 - 2 =
[79] 10 + 7 =
[80] 19 - 6 =
[81] 12 + 3 =
[82] 15 - 1 =
[83] 11 + 6 =
[84] 18 - 7 =
[85] 13 + 6 =
[86] 17 - 2 =
[87] 14 + 2 =
[88] 16 - 3 =
[89] 10 + 9 =
[90] 19 - 8 =
[91] 12 + 7 =
[92] 15 - 5 =
[93] 11 + 7 =
[94] 18 - 4 =
[95] 13 + 4 =
[96] 17 - 6 =
[97] 14 + 5 =
[98] 16 - 4 =
小学一年级数学 20 以内加减法口算题
[1] 7 - 2 =
[2] 9 - 5 =
[3] 2 + 6 =
[4] 4 + 5 =
[5] 8 - 1 =
[6] 6 + 2 =
[7] 9 - 3 =
[8] 1 + 4 =
[9] 7 - 4 =
[10] 3 + 5 =
[11] 8 - 6 =
[12] 2 + 7 =
[13] 9 - 8 =
[14] 5 + 3 =
[15] 7 + 1 =
[16] 8 - 5 =
[17] 4 + 4 =
[18] 6 - 2 =
[19] 3 + 6 =
[20] 9 - 7 =
[21] 5 + 2 =
[22] 7 - 3 =
[23] 1 + 8 =
[24] 8 - 4 =
[25] 2 + 5 =
[26] 6 - 1 =
[27] 4 + 3 =
[28] 9 - 6 =
[29] 3 + 4 =
[30] 8 - 2 =
[31] 5 + 4 =
[32] 7 - 5 =
[33] 2 + 2 =
[34] 9 - 4 =
[35] 6 + 3 =
[36] 5 - 1 =
[37] 1 + 7 =
[38] 8 - 3 =
[39] 4 + 2 =
[40] 7 - 6 =
[41] 3 + 3 =
[42] 9 - 2 =
[43] 6 + 1 =
[44] 8 - 7 =
[45] 2 + 4 =
[46] 9 - 1 =
[47] 5 + 5 =
[48] 6 - 3 =
[49] 1 + 6 =
[50] 7 - 2 =
[51] 4 + 1 =
[52] 8 - 6 =
[53] 3 + 2 =
[54] 9 - 5 =
[55] 2 + 3 =
[56] 5 - 4 =
[57] 1 + 5 =
[58] 7 - 1 =
[59] 6 + 2 =
[60] 8 - 4 =
[61] 3 + 1 =
[62] 9 - 3 =
[63] 2 + 6 =
[64] 6 - 5 =
[65] 4 + 4 =
[66] 7 - 3 =
[67] 5 + 3 =
[68] 8 - 2 =
[69] 1 + 3 =
[70] 9 - 8 =
[71] 4 + 5 =
[72] 7 - 4 =
[73] 2 + 1 =
[74] 8 - 1 =
[75] 6 + 3 =
[76] 9 - 6 =
[77] 3 + 5 =
[78] 5 - 2 =
[79] 1 + 2 =
[80] 6 - 4 =
[81] 5 + 4 =
[82] 7 - 5 =
[83] 2 + 7 =
[84] 8 - 3 =
[85] 3 + 6 =
[86] 9 - 2 =
[87] 4 + 2 =
[88] 6 - 1 =
[89] 1 + 8 =
[90] 7 - 6 =
[91] 5 + 1 =
[92] 8 - 5 =
[93] 2 + 5 =
[94] 9 - 4 =
[95] 6 + 1 =
[96] 4 - 3 =
[97] 3 + 4 =
[98] 8 - 7 =
[1] 12 + 4 =
[2] 15 - 3 =
[3] 11 + 6 =
[4] 18 - 5 =
[5] 13 + 2 =
[6] 17 - 4 =
[7] 14 + 5 =
[8] 16 - 2 =
[9] 10 + 7 =
[10] 19 - 6 =
[15] 13 + 5 =
[16] 17 - 2 =
[17] 14 + 3 =
[18] 16 - 5 =
[19] 10 + 9 =
[20] 19 - 3 =
[21] 12 + 6 =
[22] 15 - 4 =
[23] 11 + 2 =
[24] 18 - 3 =
[29] 10 + 5 =
[30] 19 - 8 =
[31] 12 + 7 =
[32] 15 - 2 =
[33] 11 + 4 =
[34] 18 - 6 =
[35] 13 + 6 =
[36] 17 - 5 =
[37] 14 + 4 =
[38] 16 - 3 =
[43] 11 + 7 =
[44] 18 - 4 =
[45] 13 + 3 =
[46] 17 - 3 =
[47] 14 + 2 =
[48] 16 - 6 =
[49] 10 + 6 =
[50] 19 - 7 =
[51] 12 + 2 =
[52] 15 - 5 =
[57] 14 + 5 =
[58] 16 - 1 =
[59] 10 + 4 =
[60] 19 - 4 =
[61] 12 + 4 =
[62] 15 - 4 =
[63] 11 + 3 =
[64] 18 - 8 =
[65] 13 + 5 =
[66] 17 - 1 =
[71] 12 + 6 =
[72] 15 - 2 =
[73] 11 + 8 =
[74] 18 - 5 =
[75] 13 + 2 =
[76] 17 - 4 =
[77] 14 + 4 =
[78] 16 - 2 =
[79] 10 + 7 =
[80] 19 - 6 =
[85] 13 + 6 =
[86] 17 - 2 =
[87] 14 + 2 =
[88] 16 - 3 =
[89] 10 + 9 =
[90] 19 - 8 =
[91] 12 + 7 =
[92] 15 - 5 =
[93] 11 + 7 =
[94] 18 - 4 =
